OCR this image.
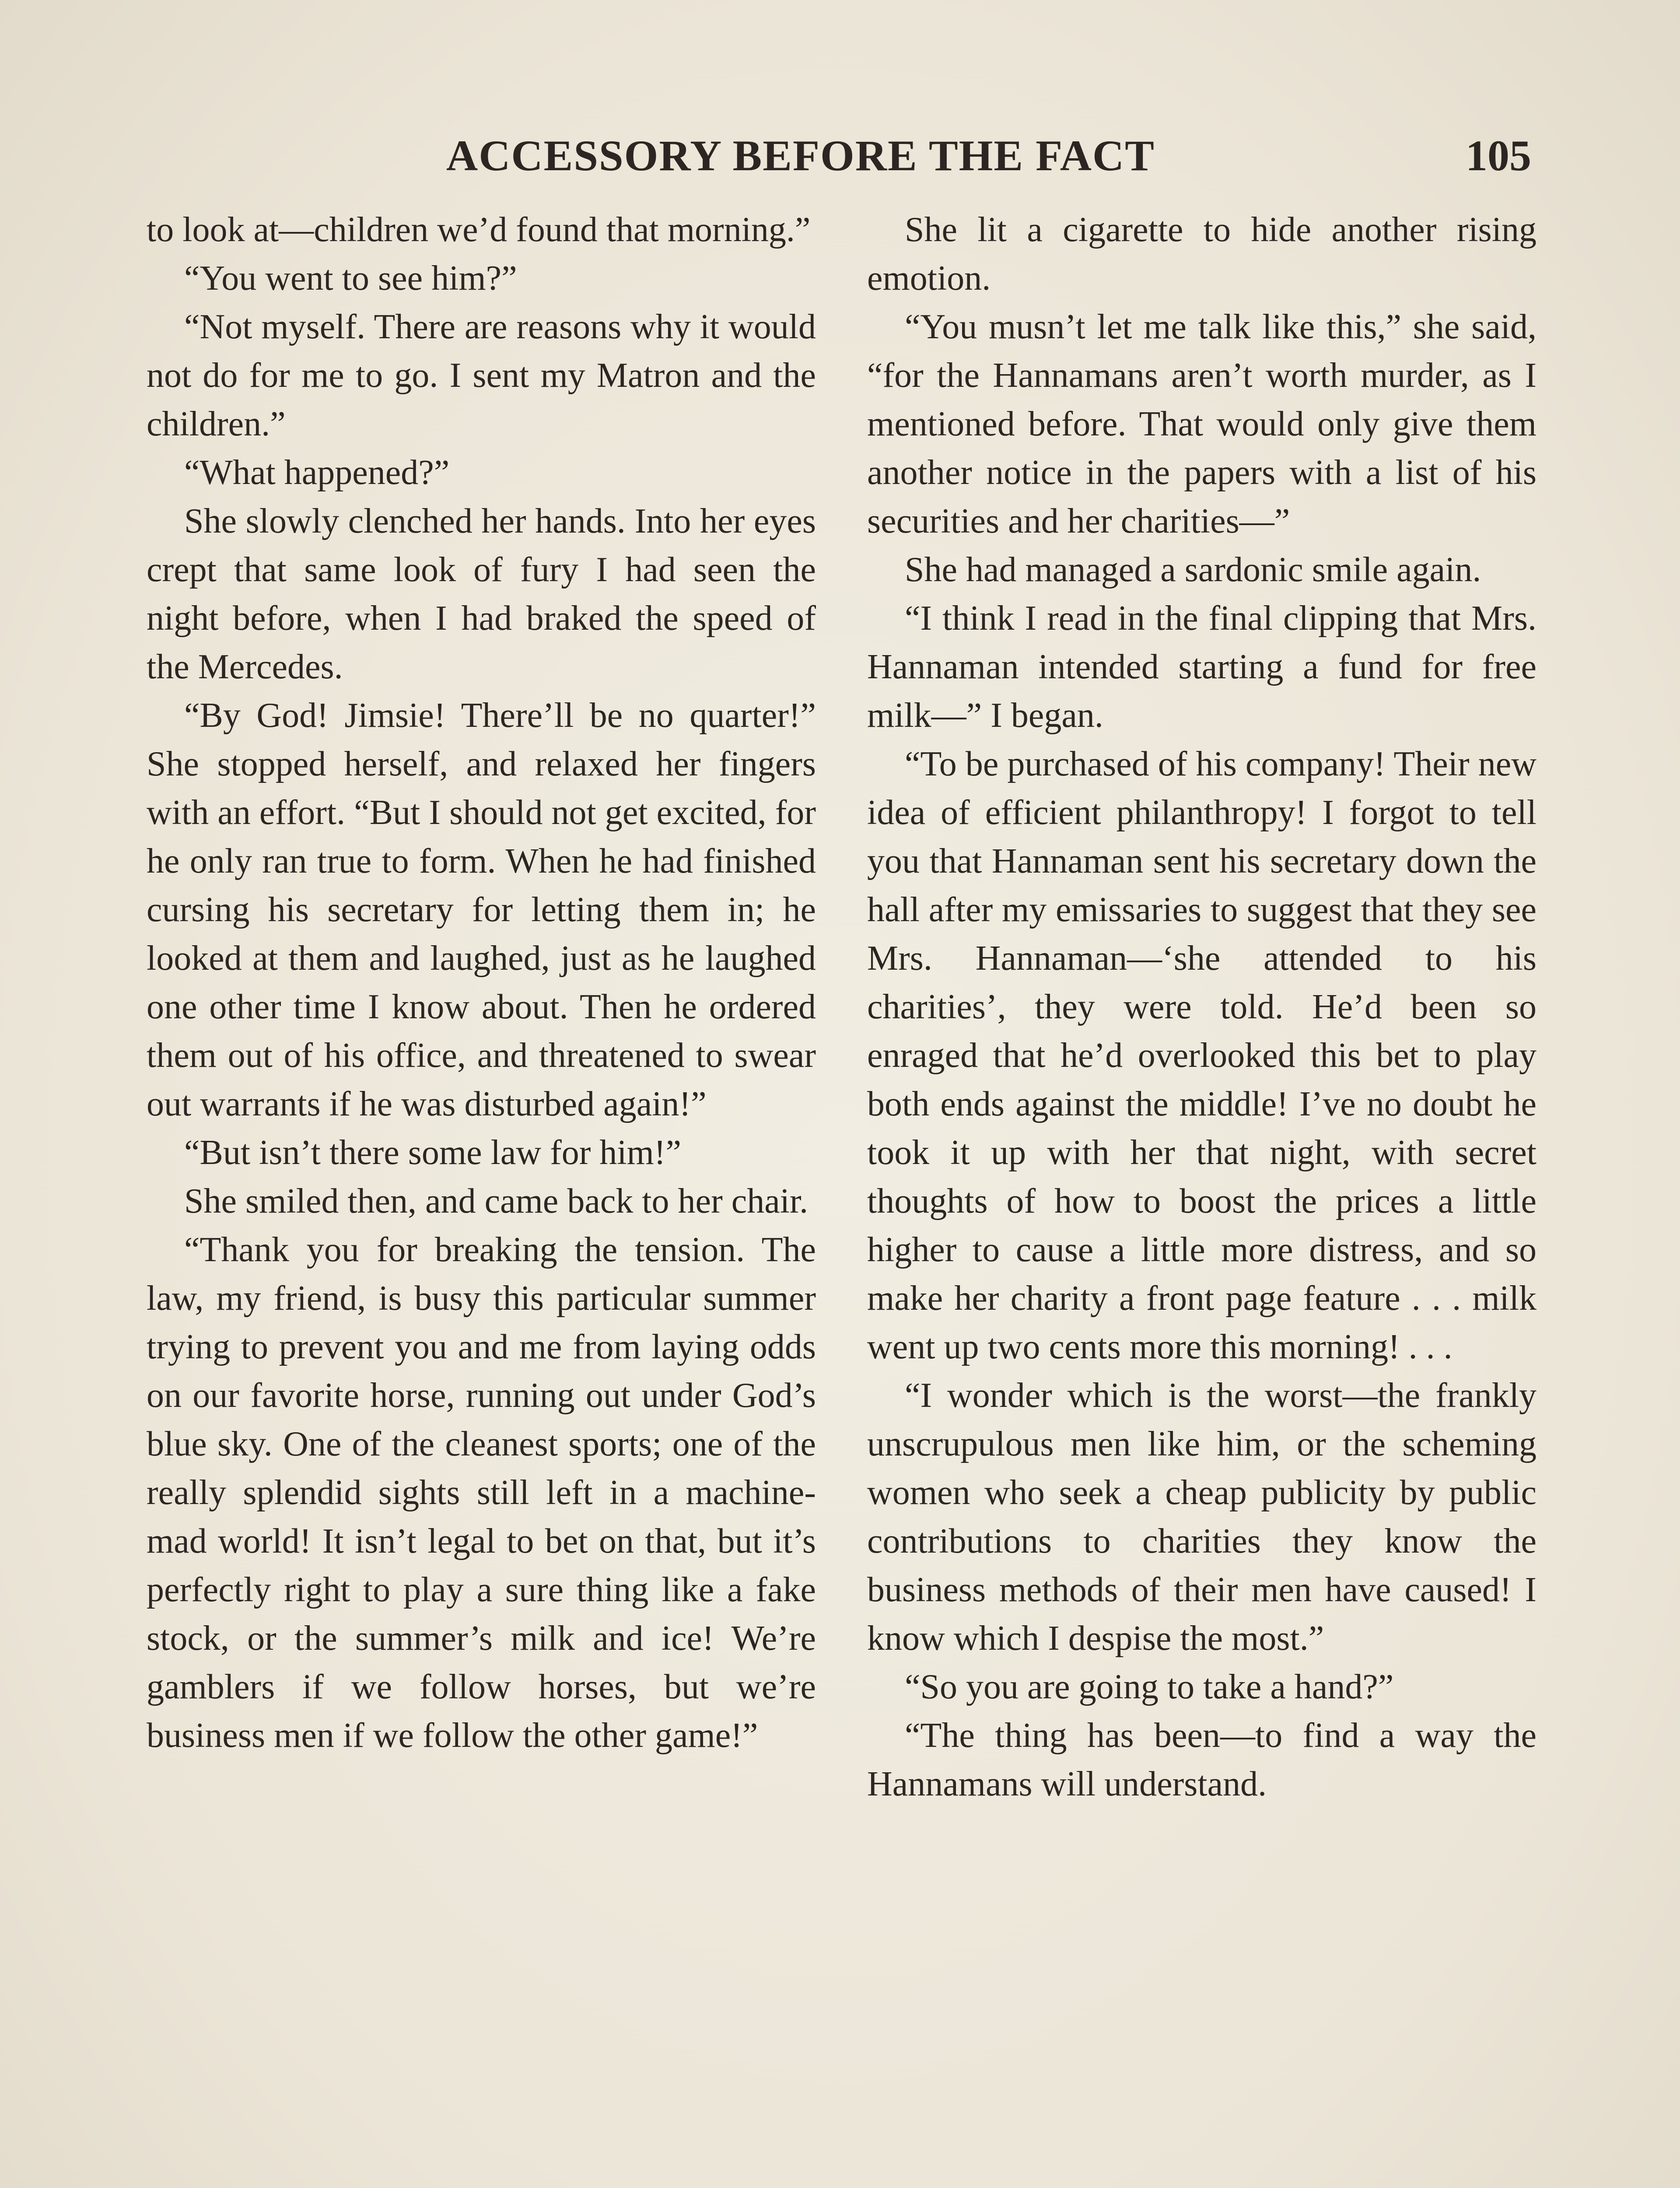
ACCESSORY BEFORE THE FACT	105

to look at—children we’d found that morning.”

“You went to see him?”

“Not myself. There are reasons why it would not do for me to go. I sent my Matron and the children.”

“What happened?”

She slowly clenched her hands. Into her eyes crept that same look of fury I had seen the night before, when I had braked the speed of the Mercedes.

“By God! Jimsie! There’ll be no quarter!” She stopped herself, and relaxed her fingers with an effort. “But I should not get excited, for he only ran true to form. When he had finished cursing his secretary for letting them in; he looked at them and laughed, just as he laughed one other time I know about. Then he ordered them out of his office, and threatened to swear out warrants if he was disturbed again!”

“But isn’t there some law for him!”

She smiled then, and came back to her chair.

“Thank you for breaking the tension. The law, my friend, is busy this particular summer trying to prevent you and me from laying odds on our favorite horse, running out under God’s blue sky. One of the cleanest sports; one of the really splendid sights still left in a machine-mad world! It isn’t legal to bet on that, but it’s perfectly right to play a sure thing like a fake stock, or the summer’s milk and ice! We’re gamblers if we follow horses, but we’re business men if we follow the other game!”

She lit a cigarette to hide another rising emotion.

“You musn’t let me talk like this,” she said, “for the Hannamans aren’t worth murder, as I mentioned before. That would only give them another notice in the papers with a list of his securities and her charities—”

She had managed a sardonic smile again.

“I think I read in the final clipping that Mrs. Hannaman intended starting a fund for free milk—” I began.

“To be purchased of his company! Their new idea of efficient philanthropy! I forgot to tell you that Hannaman sent his secretary down the hall after my emissaries to suggest that they see Mrs. Hannaman—‘she attended to his charities’, they were told. He’d been so enraged that he’d overlooked this bet to play both ends against the middle! I’ve no doubt he took it up with her that night, with secret thoughts of how to boost the prices a little higher to cause a little more distress, and so make her charity a front page feature . . . milk went up two cents more this morning! . . .

“I wonder which is the worst—the frankly unscrupulous men like him, or the scheming women who seek a cheap publicity by public contributions to charities they know the business methods of their men have caused! I know which I despise the most.”

“So you are going to take a hand?”

“The thing has been—to find a way the Hannamans will understand.
